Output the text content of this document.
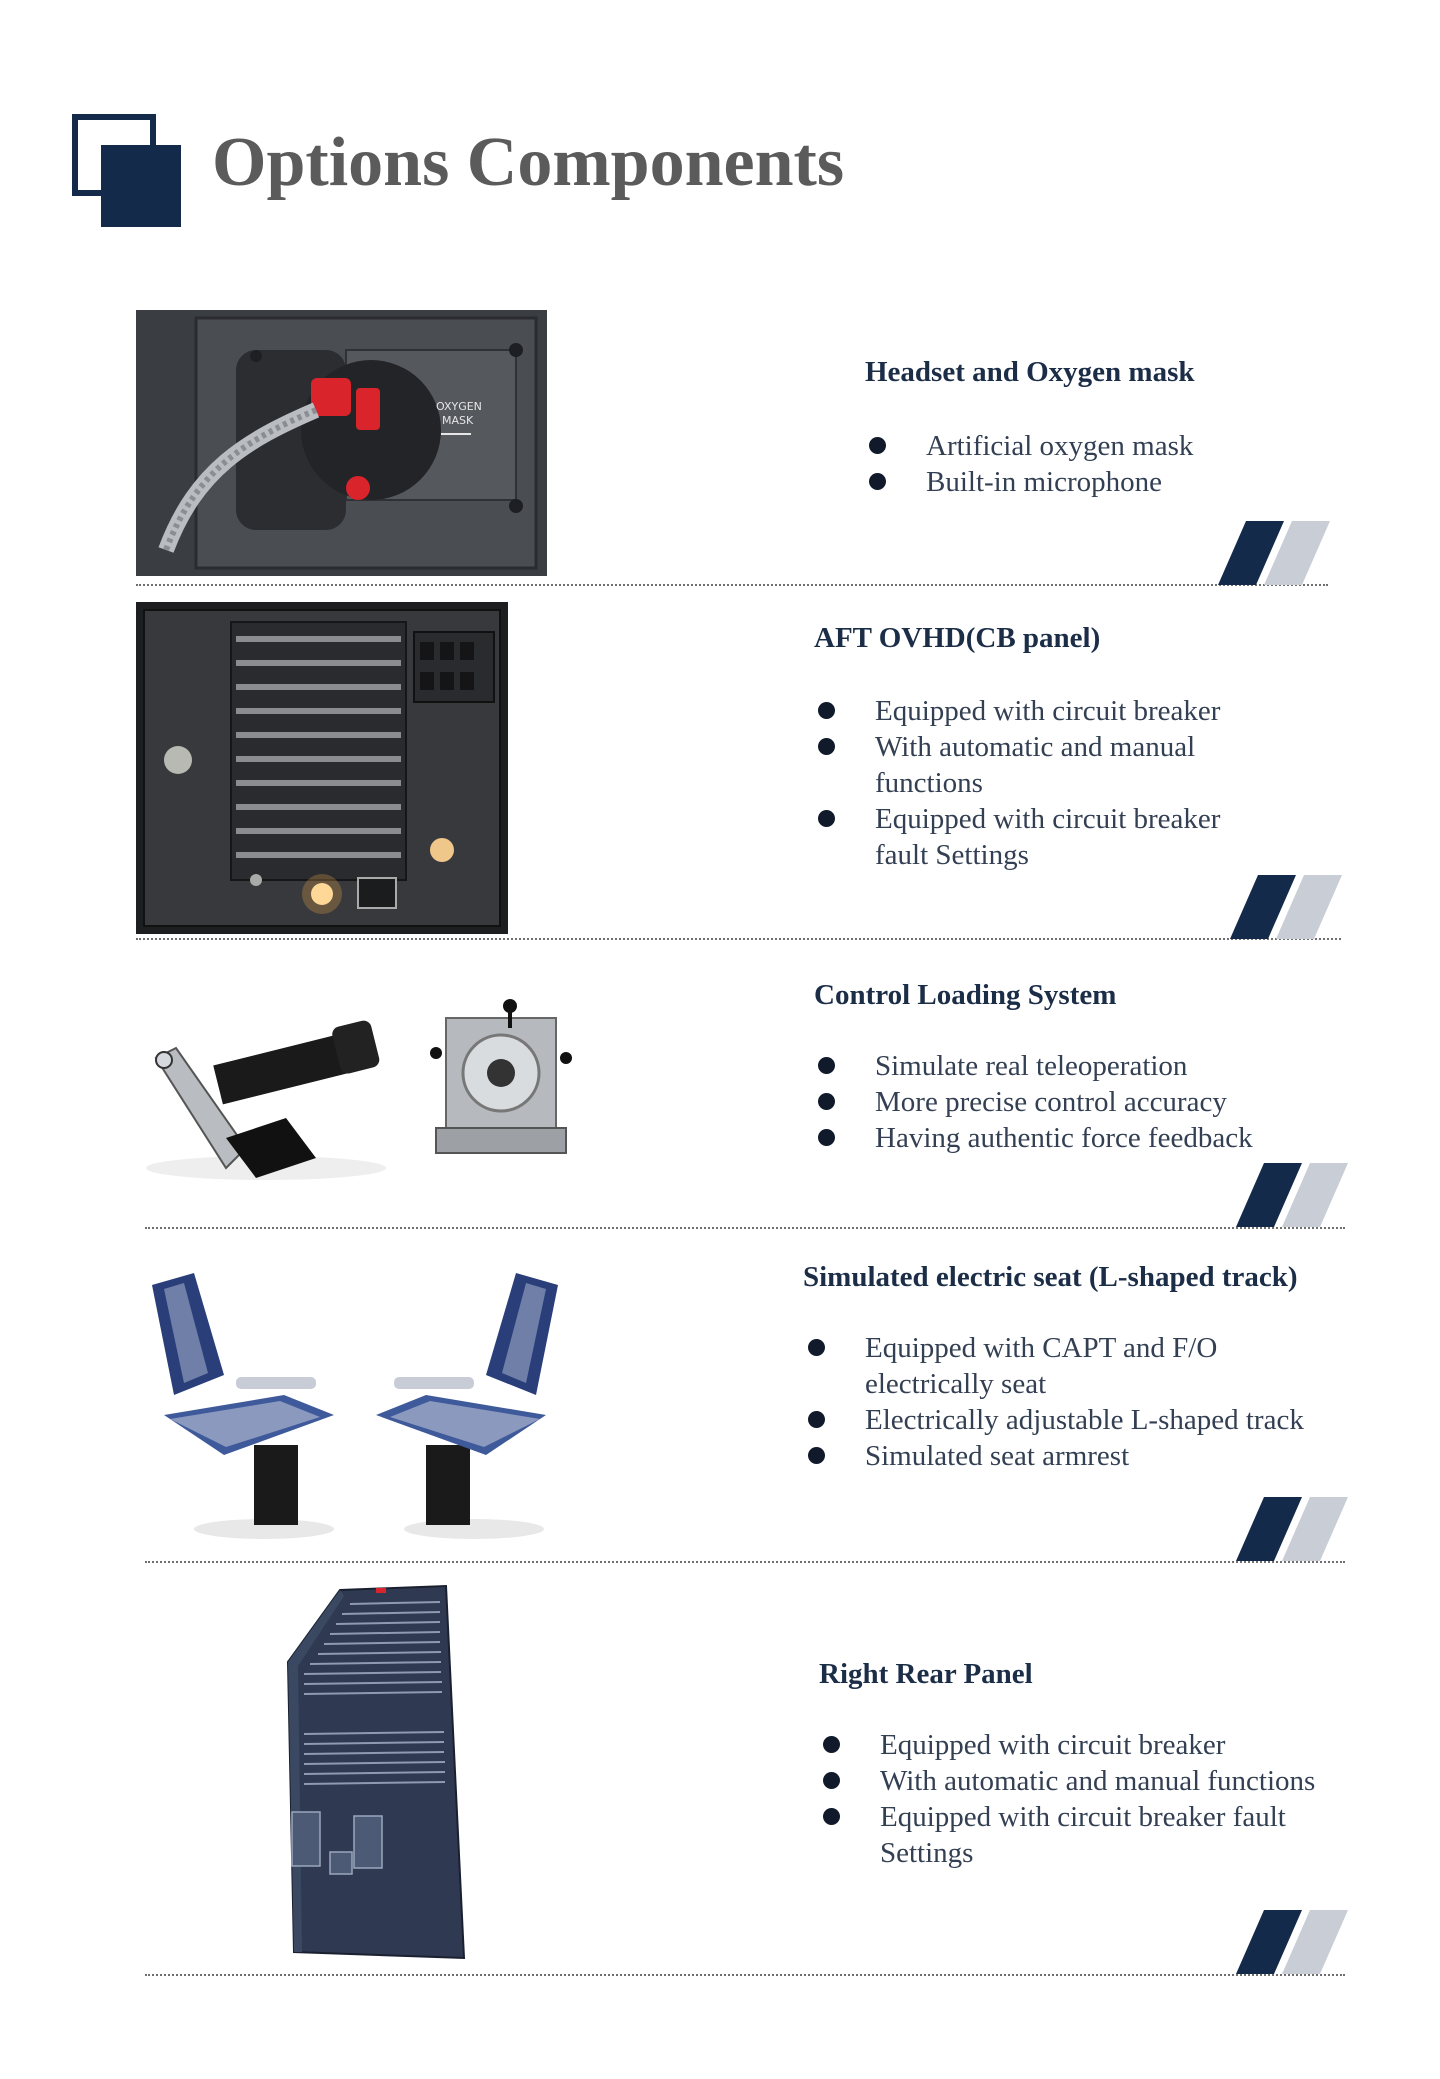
Options Components
OXYGEN
MASK
Headset and Oxygen mask
Artificial oxygen mask
Built-in microphone
AFT OVHD(CB panel)
Equipped with circuit breaker
With automatic and manual functions
Equipped with circuit breaker fault Settings
Control Loading System
Simulate real teleoperation
More precise control accuracy
Having authentic force feedback
Simulated electric seat (L-shaped track)
Equipped with CAPT and F/O electrically seat
Electrically adjustable L-shaped track
Simulated seat armrest
Right Rear Panel
Equipped with circuit breaker
With automatic and manual functions
Equipped with circuit breaker fault Settings
